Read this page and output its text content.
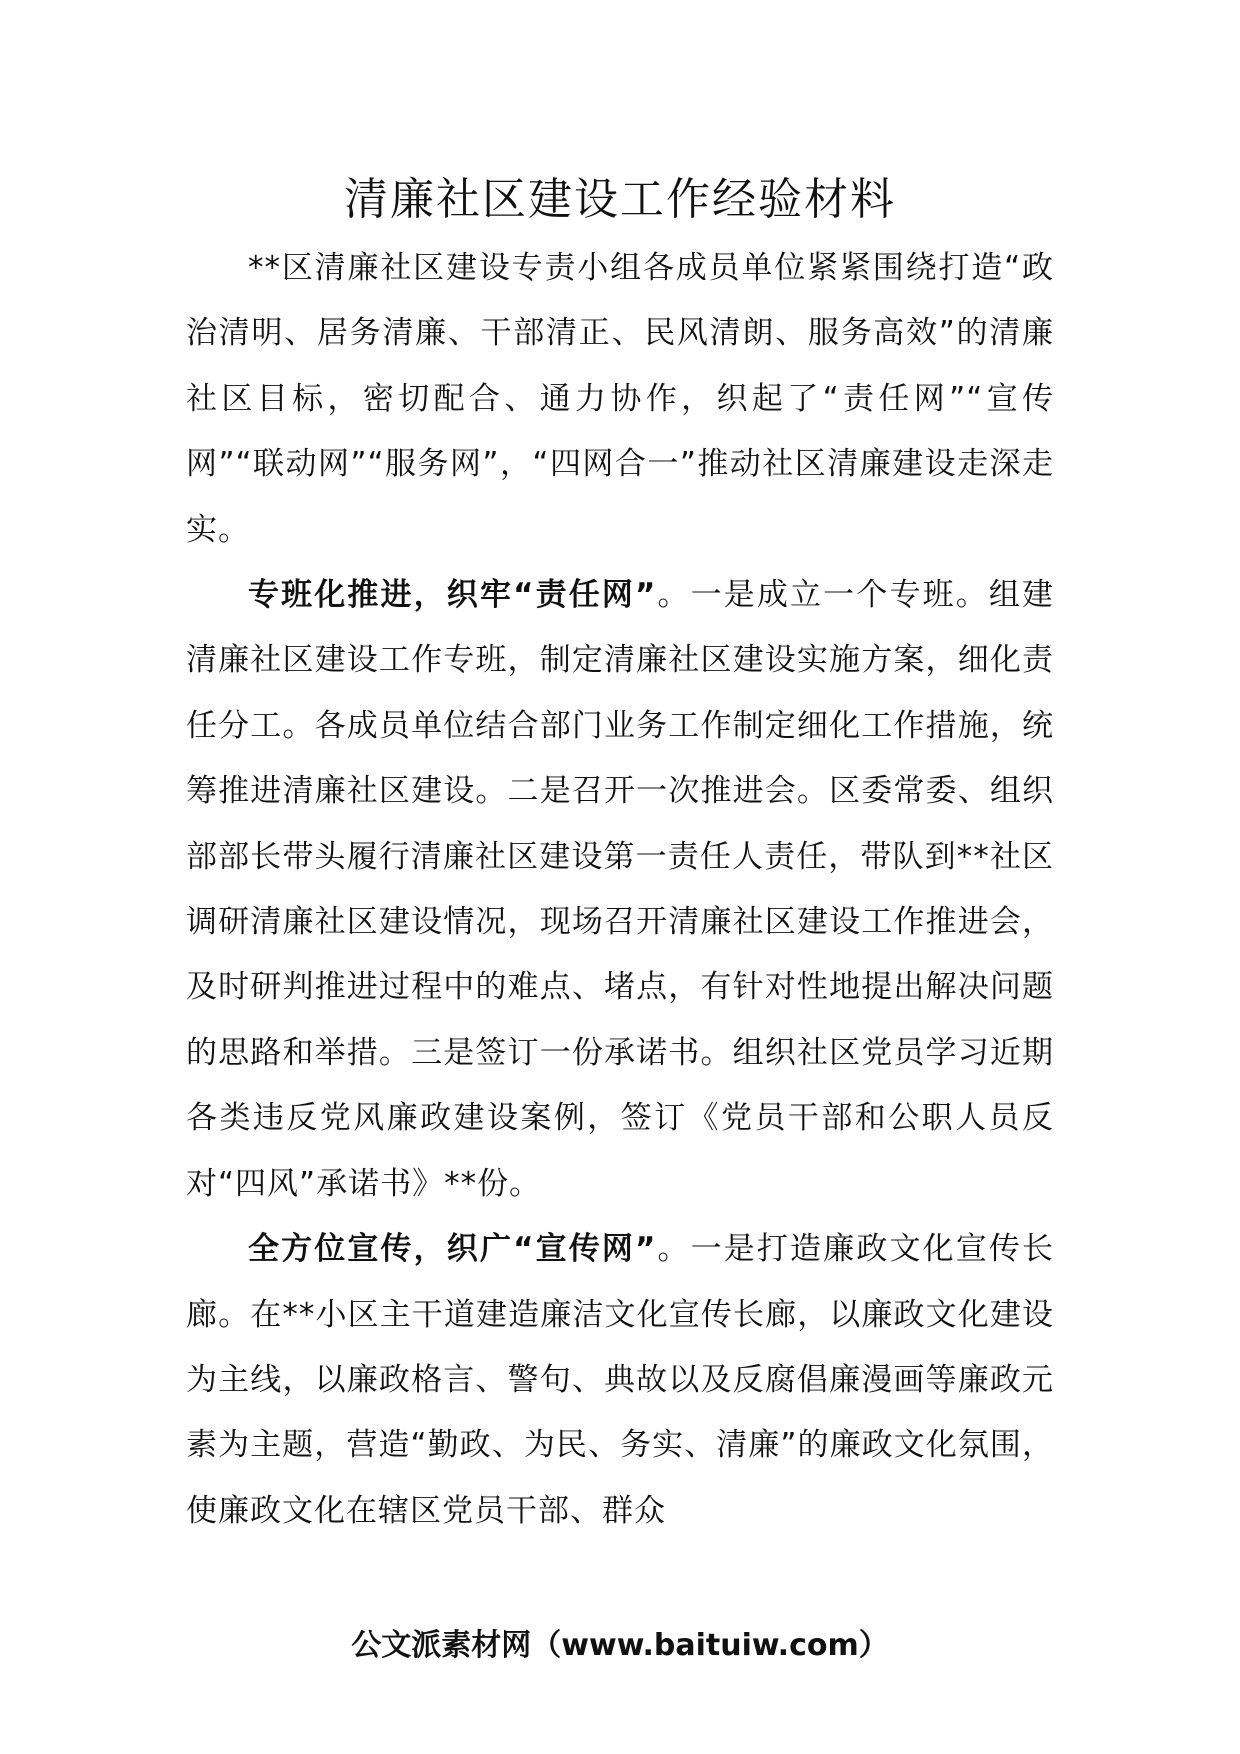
清廉社区建设工作经验材料

**区清廉社区建设专责小组各成员单位紧紧围绕打造“政治清明、居务清廉、干部清正、民风清朗、服务高效”的清廉社区目标，密切配合、通力协作，织起了“责任网”“宣传网”“联动网”“服务网”，“四网合一”推动社区清廉建设走深走实。

专班化推进，织牢“责任网”。一是成立一个专班。组建清廉社区建设工作专班，制定清廉社区建设实施方案，细化责任分工。各成员单位结合部门业务工作制定细化工作措施，统筹推进清廉社区建设。二是召开一次推进会。区委常委、组织部部长带头履行清廉社区建设第一责任人责任，带队到**社区调研清廉社区建设情况，现场召开清廉社区建设工作推进会，及时研判推进过程中的难点、堵点，有针对性地提出解决问题的思路和举措。三是签订一份承诺书。组织社区党员学习近期各类违反党风廉政建设案例，签订《党员干部和公职人员反对“四风”承诺书》**份。

全方位宣传，织广“宣传网”。一是打造廉政文化宣传长廊。在**小区主干道建造廉洁文化宣传长廊，以廉政文化建设为主线，以廉政格言、警句、典故以及反腐倡廉漫画等廉政元素为主题，营造“勤政、为民、务实、清廉”的廉政文化氛围，使廉政文化在辖区党员干部、群众

公文派素材网（www.baituiw.com）
